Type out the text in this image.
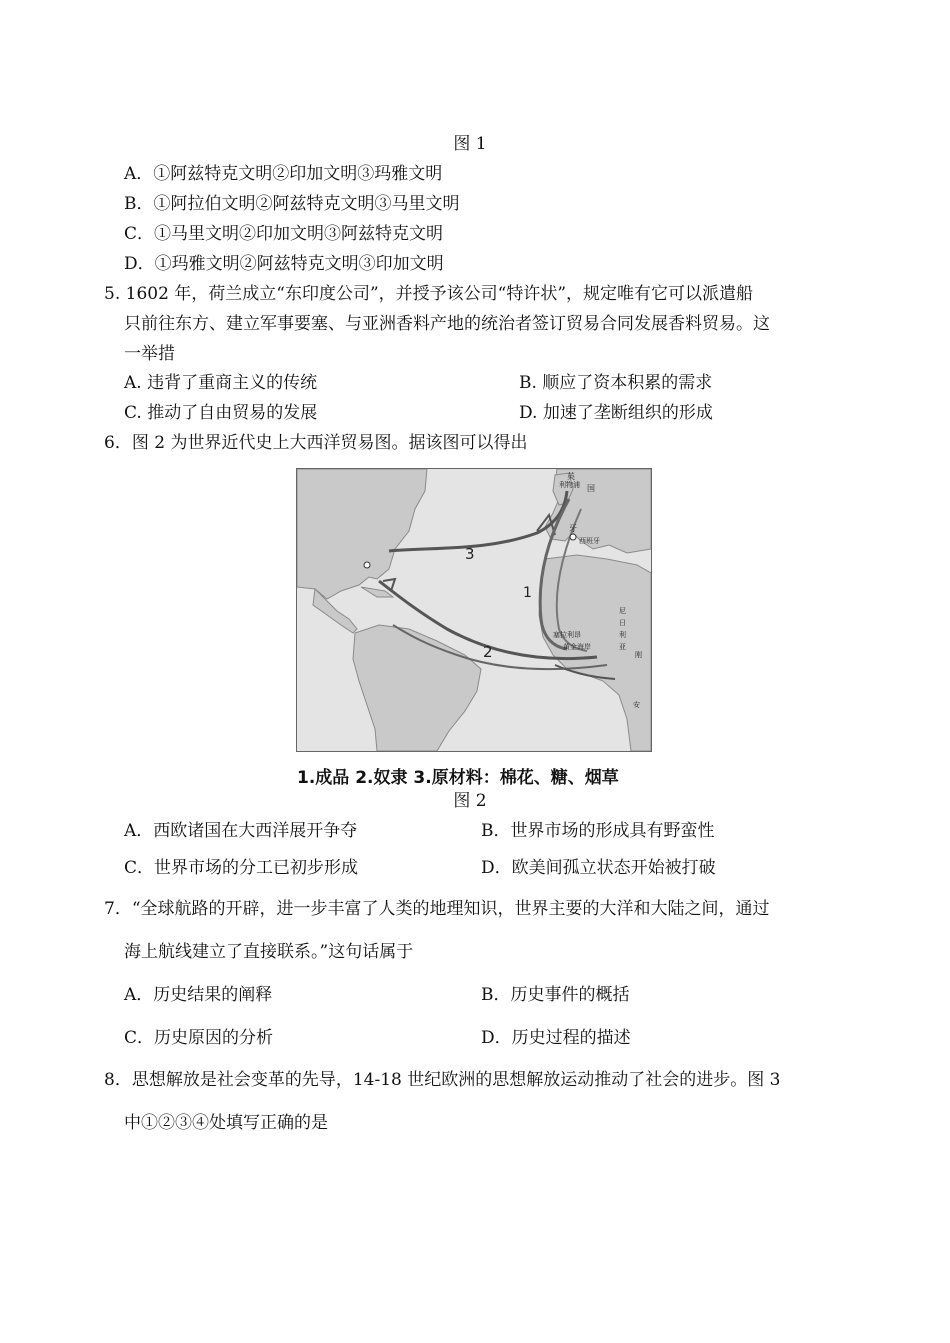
图 1
A．①阿兹特克文明②印加文明③玛雅文明
B．①阿拉伯文明②阿兹特克文明③马里文明
C．①马里文明②印加文明③阿兹特克文明
D．①玛雅文明②阿兹特克文明③印加文明
5. 1602 年，荷兰成立“东印度公司”，并授予该公司“特许状”，规定唯有它可以派遣船
只前往东方、建立军事要塞、与亚洲香料产地的统治者签订贸易合同发展香料贸易。这
一举措
A. 违背了重商主义的传统	B. 顺应了资本积累的需求
C. 推动了自由贸易的发展	D. 加速了垄断组织的形成
6．图 2 为世界近代史上大西洋贸易图。据该图可以得出
3
1
2
英
国
利物浦
牙
西班牙
塞拉利昂
黄金海岸
尼
日
利
亚
刚
安
1.成品 2.奴隶 3.原材料：棉花、糖、烟草
图 2
A．西欧诸国在大西洋展开争夺	B．世界市场的形成具有野蛮性
C．世界市场的分工已初步形成	D．欧美间孤立状态开始被打破
7．“全球航路的开辟，进一步丰富了人类的地理知识，世界主要的大洋和大陆之间，通过
海上航线建立了直接联系。”这句话属于
A．历史结果的阐释	B．历史事件的概括
C．历史原因的分析	D．历史过程的描述
8．思想解放是社会变革的先导，14-18 世纪欧洲的思想解放运动推动了社会的进步。图 3
中①②③④处填写正确的是
